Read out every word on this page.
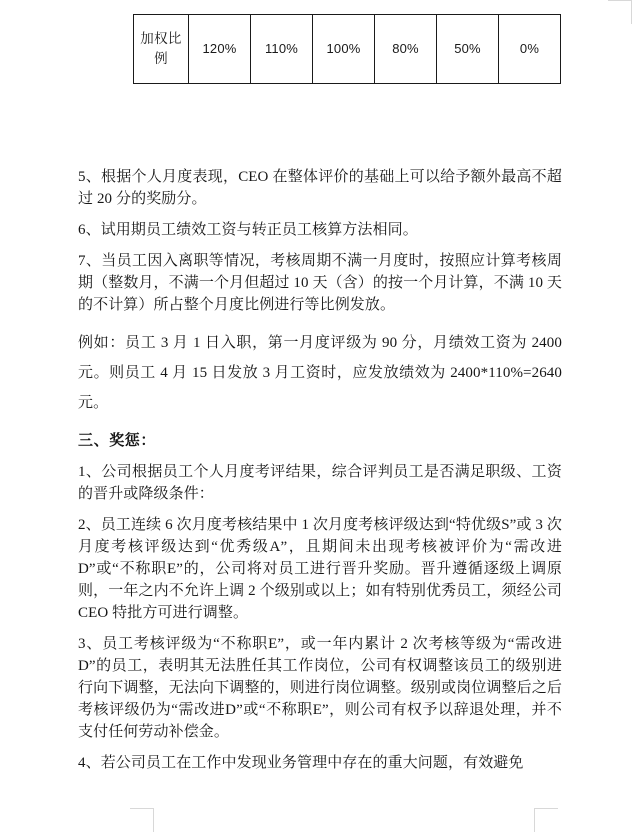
加权比例	120%	110%	100%	80%	50%	0%

5、根据个人月度表现，CEO 在整体评价的基础上可以给予额外最高不超过 20 分的奖励分。

6、试用期员工绩效工资与转正员工核算方法相同。

7、当员工因入离职等情况，考核周期不满一月度时，按照应计算考核周期（整数月，不满一个月但超过 10 天（含）的按一个月计算，不满 10 天的不计算）所占整个月度比例进行等比例发放。

例如：员工 3 月 1 日入职，第一月度评级为 90 分，月绩效工资为 2400 元。则员工 4 月 15 日发放 3 月工资时，应发放绩效为 2400*110%=2640 元。

三、奖惩：

1、公司根据员工个人月度考评结果，综合评判员工是否满足职级、工资的晋升或降级条件：

2、员工连续 6 次月度考核结果中 1 次月度考核评级达到“特优级S”或 3 次月度考核评级达到“优秀级A”，且期间未出现考核被评价为“需改进D”或“不称职E”的，公司将对员工进行晋升奖励。晋升遵循逐级上调原则，一年之内不允许上调 2 个级别或以上；如有特别优秀员工，须经公司 CEO 特批方可进行调整。

3、员工考核评级为“不称职E”，或一年内累计 2 次考核等级为“需改进D”的员工，表明其无法胜任其工作岗位，公司有权调整该员工的级别进行向下调整，无法向下调整的，则进行岗位调整。级别或岗位调整后之后考核评级仍为“需改进D”或“不称职E”，则公司有权予以辞退处理，并不支付任何劳动补偿金。

4、若公司员工在工作中发现业务管理中存在的重大问题，有效避免
